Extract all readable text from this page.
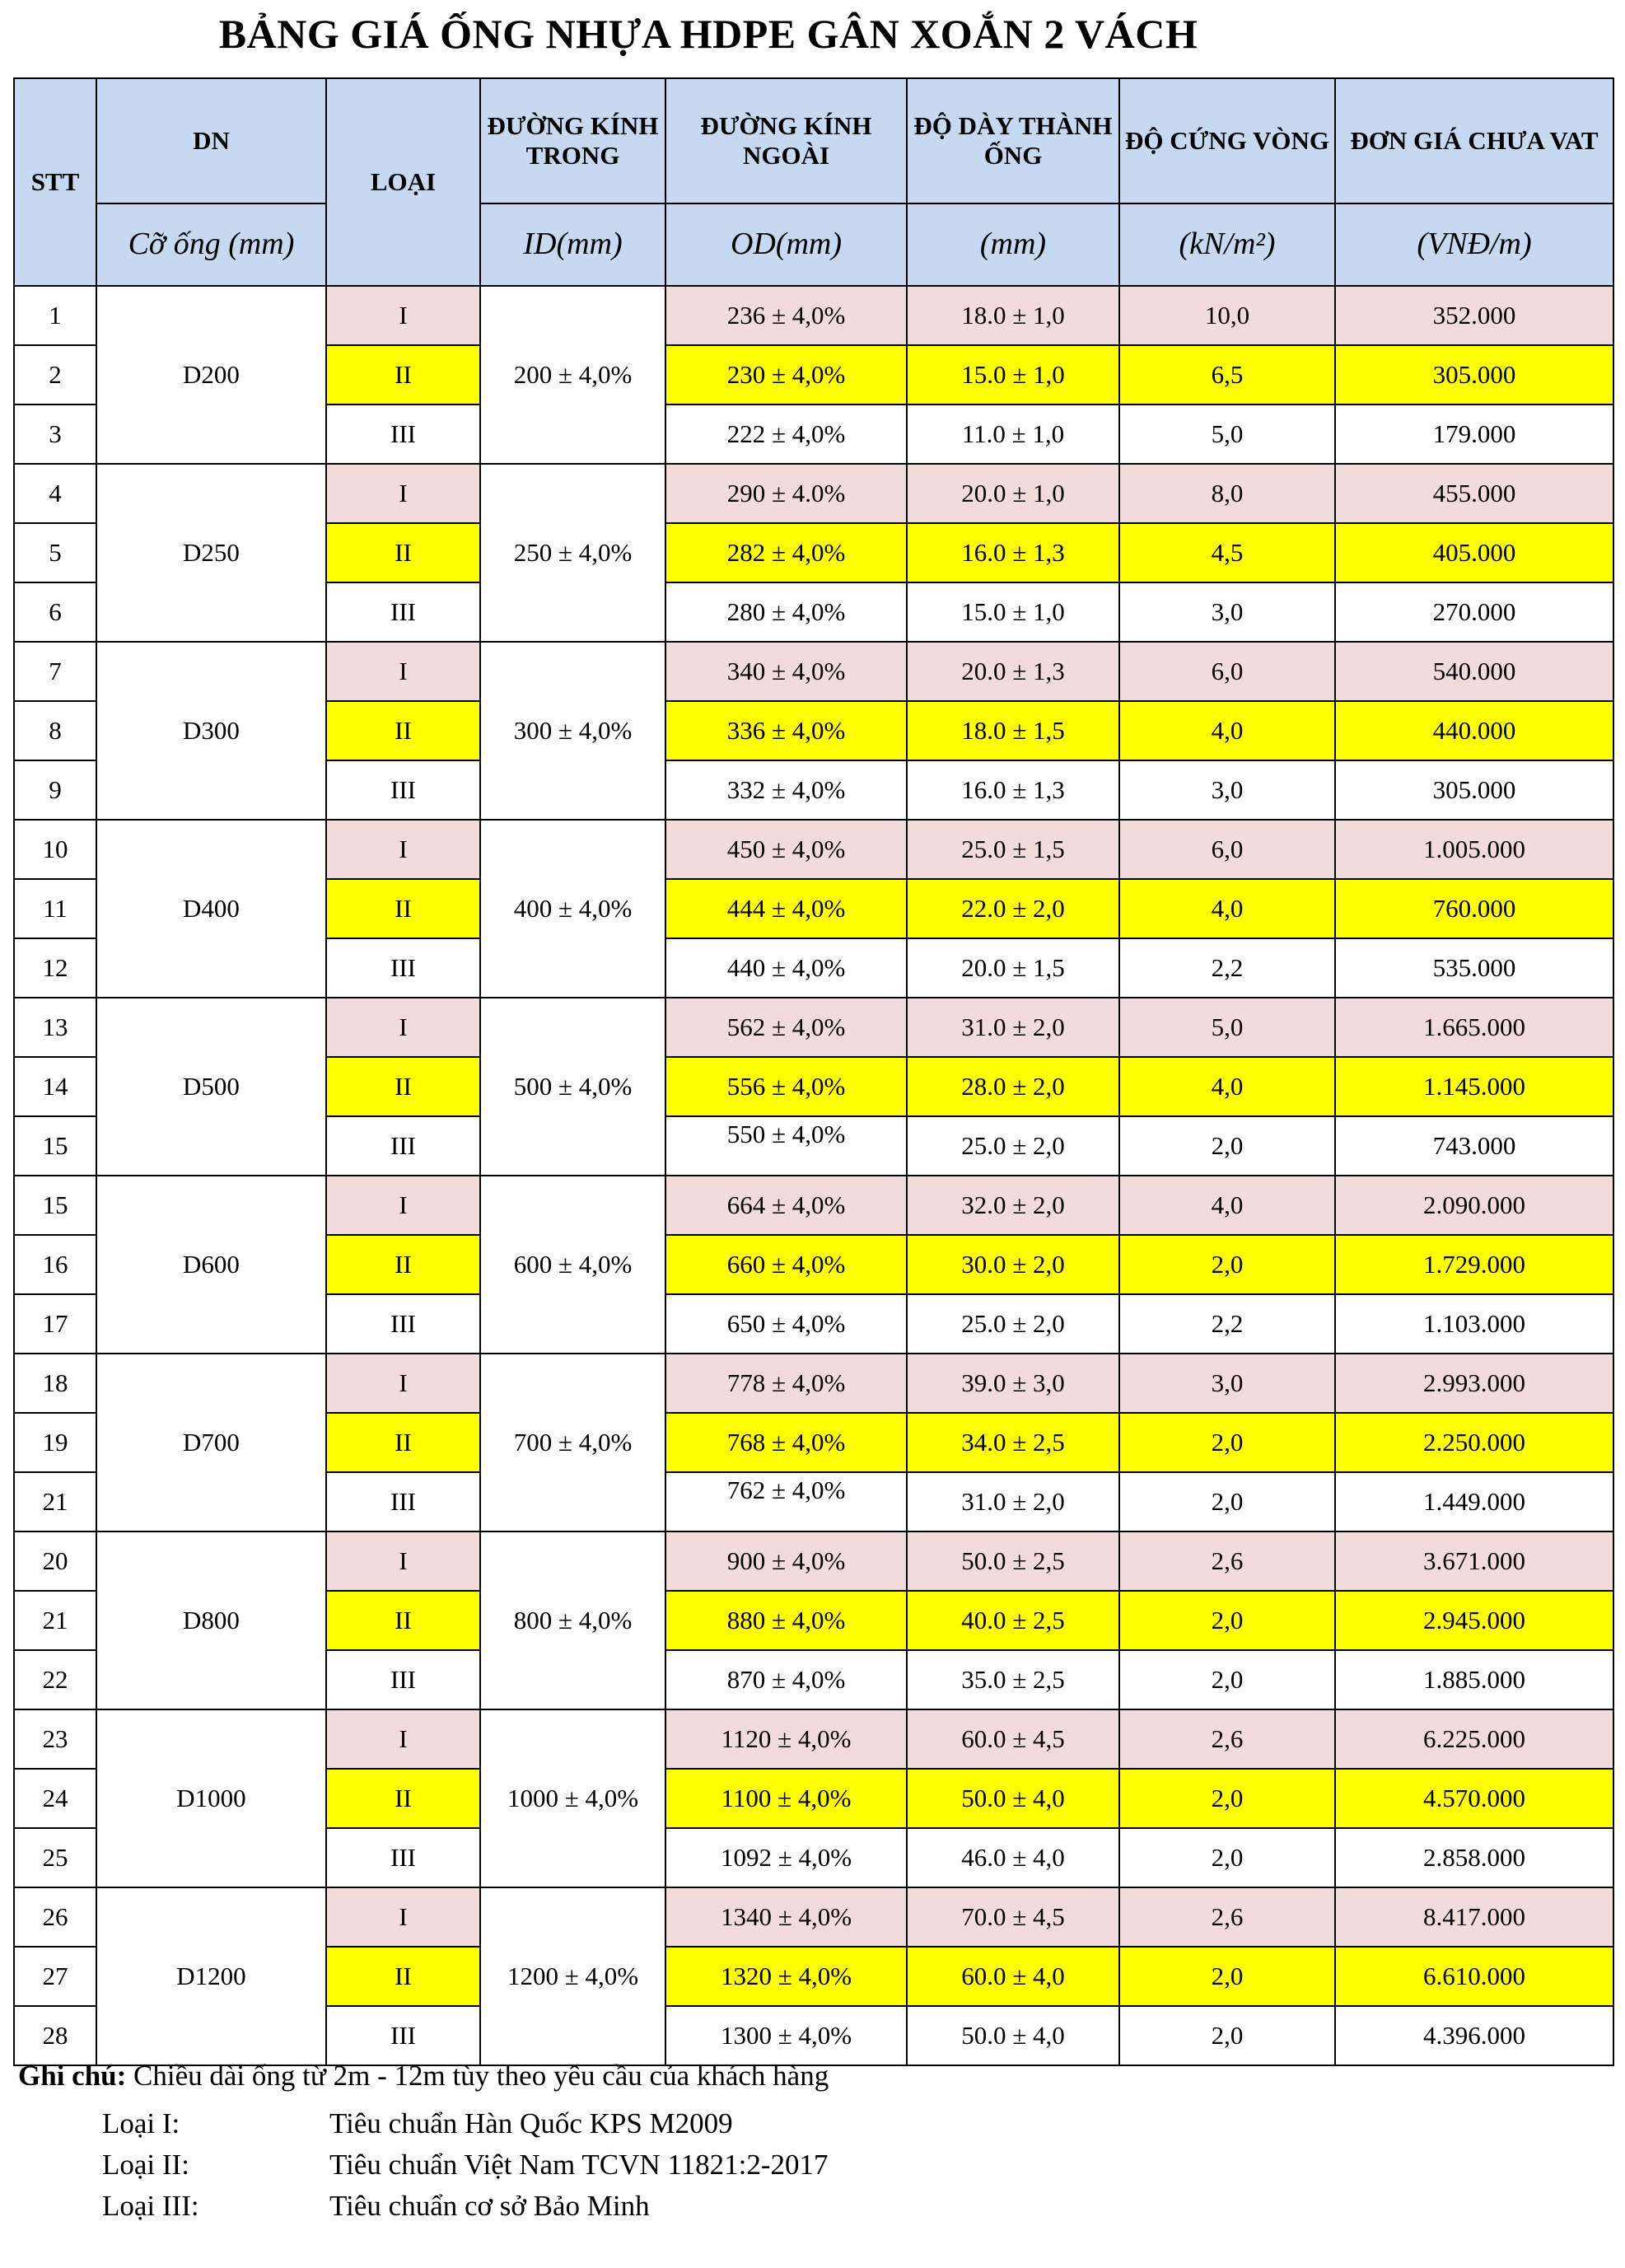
BẢNG GIÁ ỐNG NHỰA HDPE GÂN XOẮN 2 VÁCH
STT	DN	LOẠI	ĐƯỜNG KÍNH TRONG	ĐƯỜNG KÍNH NGOÀI	ĐỘ DÀY THÀNH ỐNG	ĐỘ CỨNG VÒNG	ĐƠN GIÁ CHƯA VAT
	Cỡ ống (mm)		ID(mm)	OD(mm)	(mm)	(kN/m²)	(VNĐ/m)
1	D200	I	200 ± 4,0%	236 ± 4,0%	18.0 ± 1,0	10,0	352.000
2		II		230 ± 4,0%	15.0 ± 1,0	6,5	305.000
3		III		222 ± 4,0%	11.0 ± 1,0	5,0	179.000
4	D250	I	250 ± 4,0%	290 ± 4.0%	20.0 ± 1,0	8,0	455.000
5		II		282 ± 4,0%	16.0 ± 1,3	4,5	405.000
6		III		280 ± 4,0%	15.0 ± 1,0	3,0	270.000
7	D300	I	300 ± 4,0%	340 ± 4,0%	20.0 ± 1,3	6,0	540.000
8		II		336 ± 4,0%	18.0 ± 1,5	4,0	440.000
9		III		332 ± 4,0%	16.0 ± 1,3	3,0	305.000
10	D400	I	400 ± 4,0%	450 ± 4,0%	25.0 ± 1,5	6,0	1.005.000
11		II		444 ± 4,0%	22.0 ± 2,0	4,0	760.000
12		III		440 ± 4,0%	20.0 ± 1,5	2,2	535.000
13	D500	I	500 ± 4,0%	562 ± 4,0%	31.0 ± 2,0	5,0	1.665.000
14		II		556 ± 4,0%	28.0 ± 2,0	4,0	1.145.000
15		III		550 ± 4,0%	25.0 ± 2,0	2,0	743.000
15	D600	I	600 ± 4,0%	664 ± 4,0%	32.0 ± 2,0	4,0	2.090.000
16		II		660 ± 4,0%	30.0 ± 2,0	2,0	1.729.000
17		III		650 ± 4,0%	25.0 ± 2,0	2,2	1.103.000
18	D700	I	700 ± 4,0%	778 ± 4,0%	39.0 ± 3,0	3,0	2.993.000
19		II		768 ± 4,0%	34.0 ± 2,5	2,0	2.250.000
21		III		762 ± 4,0%	31.0 ± 2,0	2,0	1.449.000
20	D800	I	800 ± 4,0%	900 ± 4,0%	50.0 ± 2,5	2,6	3.671.000
21		II		880 ± 4,0%	40.0 ± 2,5	2,0	2.945.000
22		III		870 ± 4,0%	35.0 ± 2,5	2,0	1.885.000
23	D1000	I	1000 ± 4,0%	1120 ± 4,0%	60.0 ± 4,5	2,6	6.225.000
24		II		1100 ± 4,0%	50.0 ± 4,0	2,0	4.570.000
25		III		1092 ± 4,0%	46.0 ± 4,0	2,0	2.858.000
26	D1200	I	1200 ± 4,0%	1340 ± 4,0%	70.0 ± 4,5	2,6	8.417.000
27		II		1320 ± 4,0%	60.0 ± 4,0	2,0	6.610.000
28		III		1300 ± 4,0%	50.0 ± 4,0	2,0	4.396.000
Ghi chú: Chiều dài ống từ 2m - 12m tùy theo yêu cầu của khách hàng
Loại I:	Tiêu chuẩn Hàn Quốc KPS M2009
Loại II:	Tiêu chuẩn Việt Nam TCVN 11821:2-2017
Loại III:	Tiêu chuẩn cơ sở Bảo Minh
